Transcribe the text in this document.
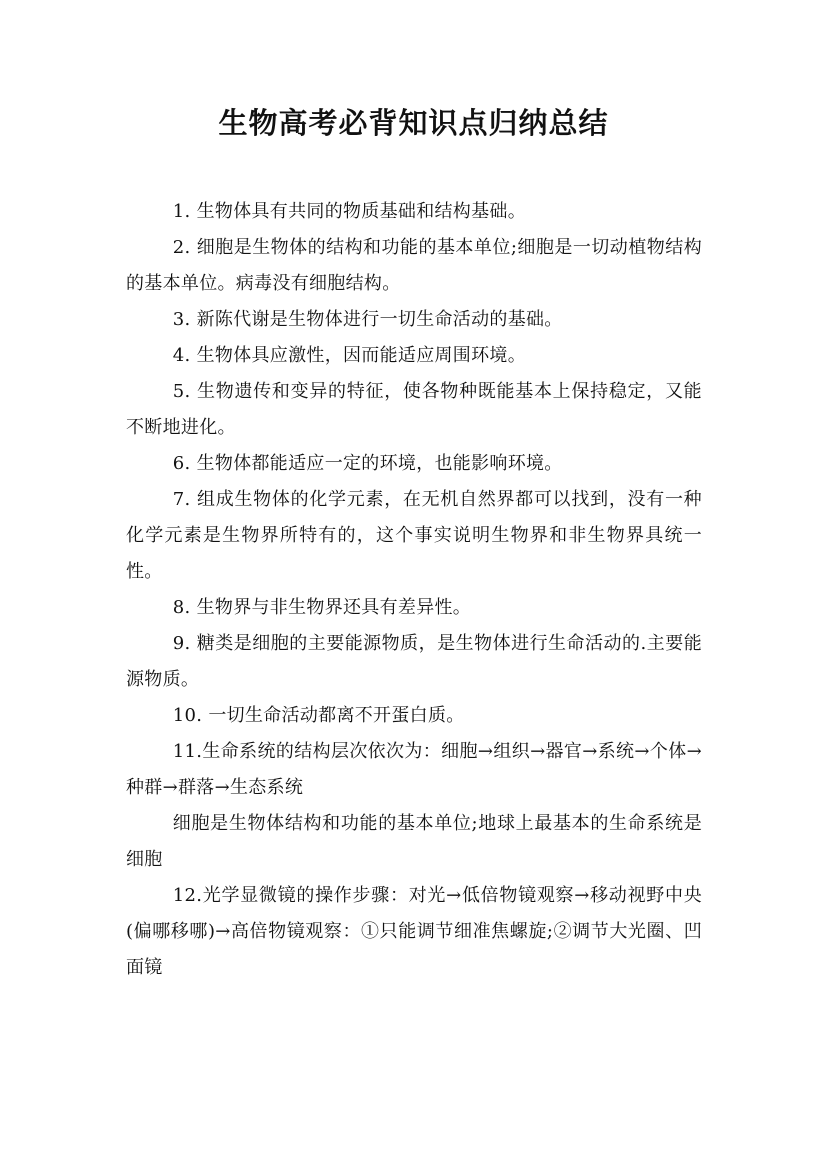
生物高考必背知识点归纳总结

1. 生物体具有共同的物质基础和结构基础。

2. 细胞是生物体的结构和功能的基本单位;细胞是一切动植物结构的基本单位。病毒没有细胞结构。

3. 新陈代谢是生物体进行一切生命活动的基础。

4. 生物体具应激性，因而能适应周围环境。

5. 生物遗传和变异的特征，使各物种既能基本上保持稳定，又能不断地进化。

6. 生物体都能适应一定的环境，也能影响环境。

7. 组成生物体的化学元素，在无机自然界都可以找到，没有一种化学元素是生物界所特有的，这个事实说明生物界和非生物界具统一性。

8. 生物界与非生物界还具有差异性。

9. 糖类是细胞的主要能源物质，是生物体进行生命活动的.主要能源物质。

10. 一切生命活动都离不开蛋白质。

11.生命系统的结构层次依次为：细胞→组织→器官→系统→个体→种群→群落→生态系统

细胞是生物体结构和功能的基本单位;地球上最基本的生命系统是细胞

12.光学显微镜的操作步骤：对光→低倍物镜观察→移动视野中央(偏哪移哪)→高倍物镜观察：①只能调节细准焦螺旋;②调节大光圈、凹面镜
